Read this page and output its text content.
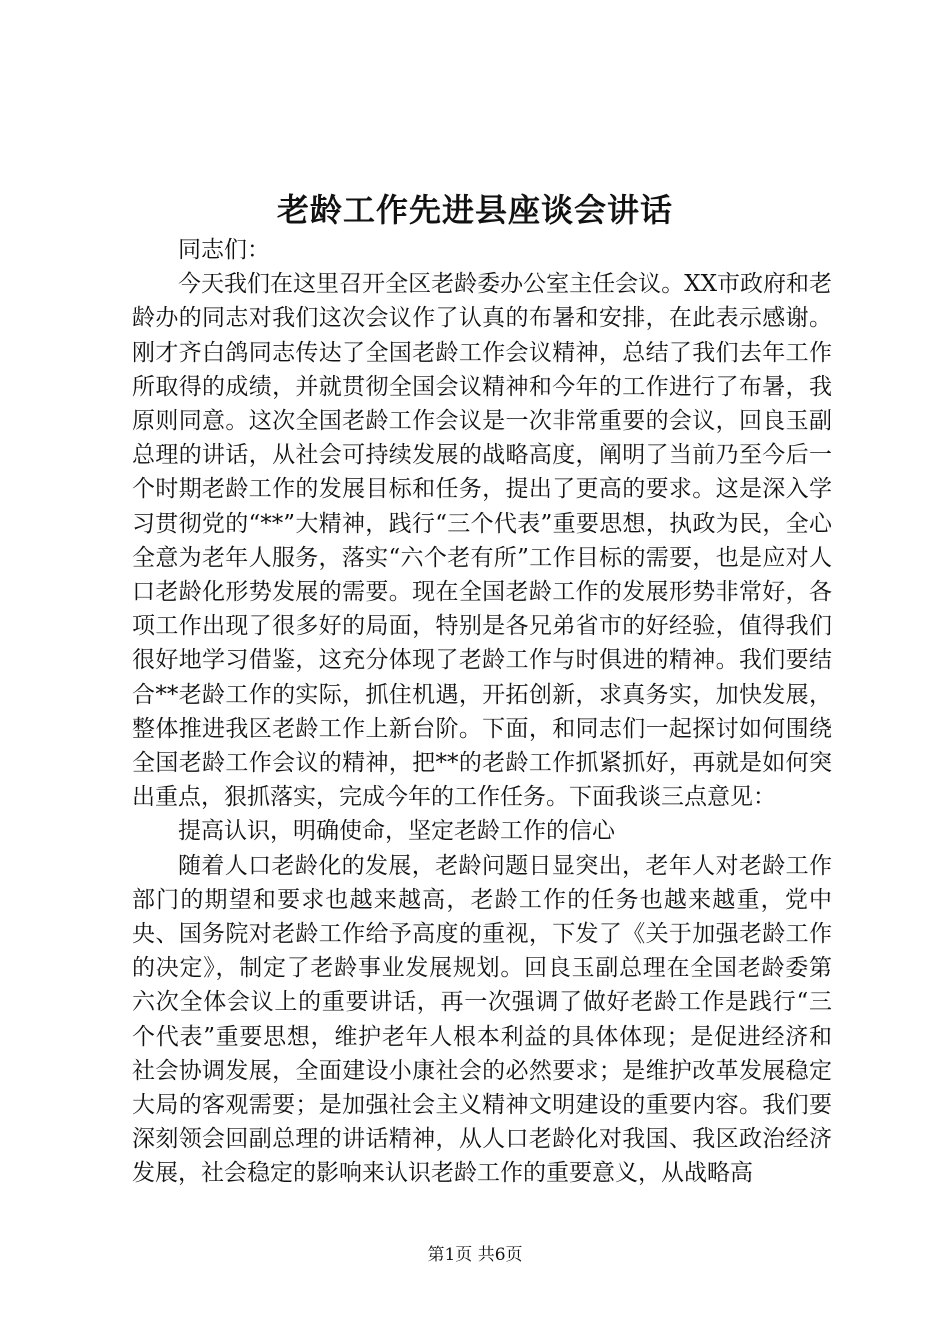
老龄工作先进县座谈会讲话

同志们：

今天我们在这里召开全区老龄委办公室主任会议。XX市政府和老龄办的同志对我们这次会议作了认真的布暑和安排，在此表示感谢。刚才齐白鸽同志传达了全国老龄工作会议精神，总结了我们去年工作所取得的成绩，并就贯彻全国会议精神和今年的工作进行了布暑，我原则同意。这次全国老龄工作会议是一次非常重要的会议，回良玉副总理的讲话，从社会可持续发展的战略高度，阐明了当前乃至今后一个时期老龄工作的发展目标和任务，提出了更高的要求。这是深入学习贯彻党的“**”大精神，践行“三个代表”重要思想，执政为民，全心全意为老年人服务，落实“六个老有所”工作目标的需要，也是应对人口老龄化形势发展的需要。现在全国老龄工作的发展形势非常好，各项工作出现了很多好的局面，特别是各兄弟省市的好经验，值得我们很好地学习借鉴，这充分体现了老龄工作与时俱进的精神。我们要结合**老龄工作的实际，抓住机遇，开拓创新，求真务实，加快发展，整体推进我区老龄工作上新台阶。下面，和同志们一起探讨如何围绕全国老龄工作会议的精神，把**的老龄工作抓紧抓好，再就是如何突出重点，狠抓落实，完成今年的工作任务。下面我谈三点意见：

提高认识，明确使命，坚定老龄工作的信心

随着人口老龄化的发展，老龄问题日显突出，老年人对老龄工作部门的期望和要求也越来越高，老龄工作的任务也越来越重，党中央、国务院对老龄工作给予高度的重视，下发了《关于加强老龄工作的决定》，制定了老龄事业发展规划。回良玉副总理在全国老龄委第六次全体会议上的重要讲话，再一次强调了做好老龄工作是践行“三个代表”重要思想，维护老年人根本利益的具体体现；是促进经济和社会协调发展，全面建设小康社会的必然要求；是维护改革发展稳定大局的客观需要；是加强社会主义精神文明建设的重要内容。我们要深刻领会回副总理的讲话精神，从人口老龄化对我国、我区政治经济发展，社会稳定的影响来认识老龄工作的重要意义，从战略高

第1页 共6页
